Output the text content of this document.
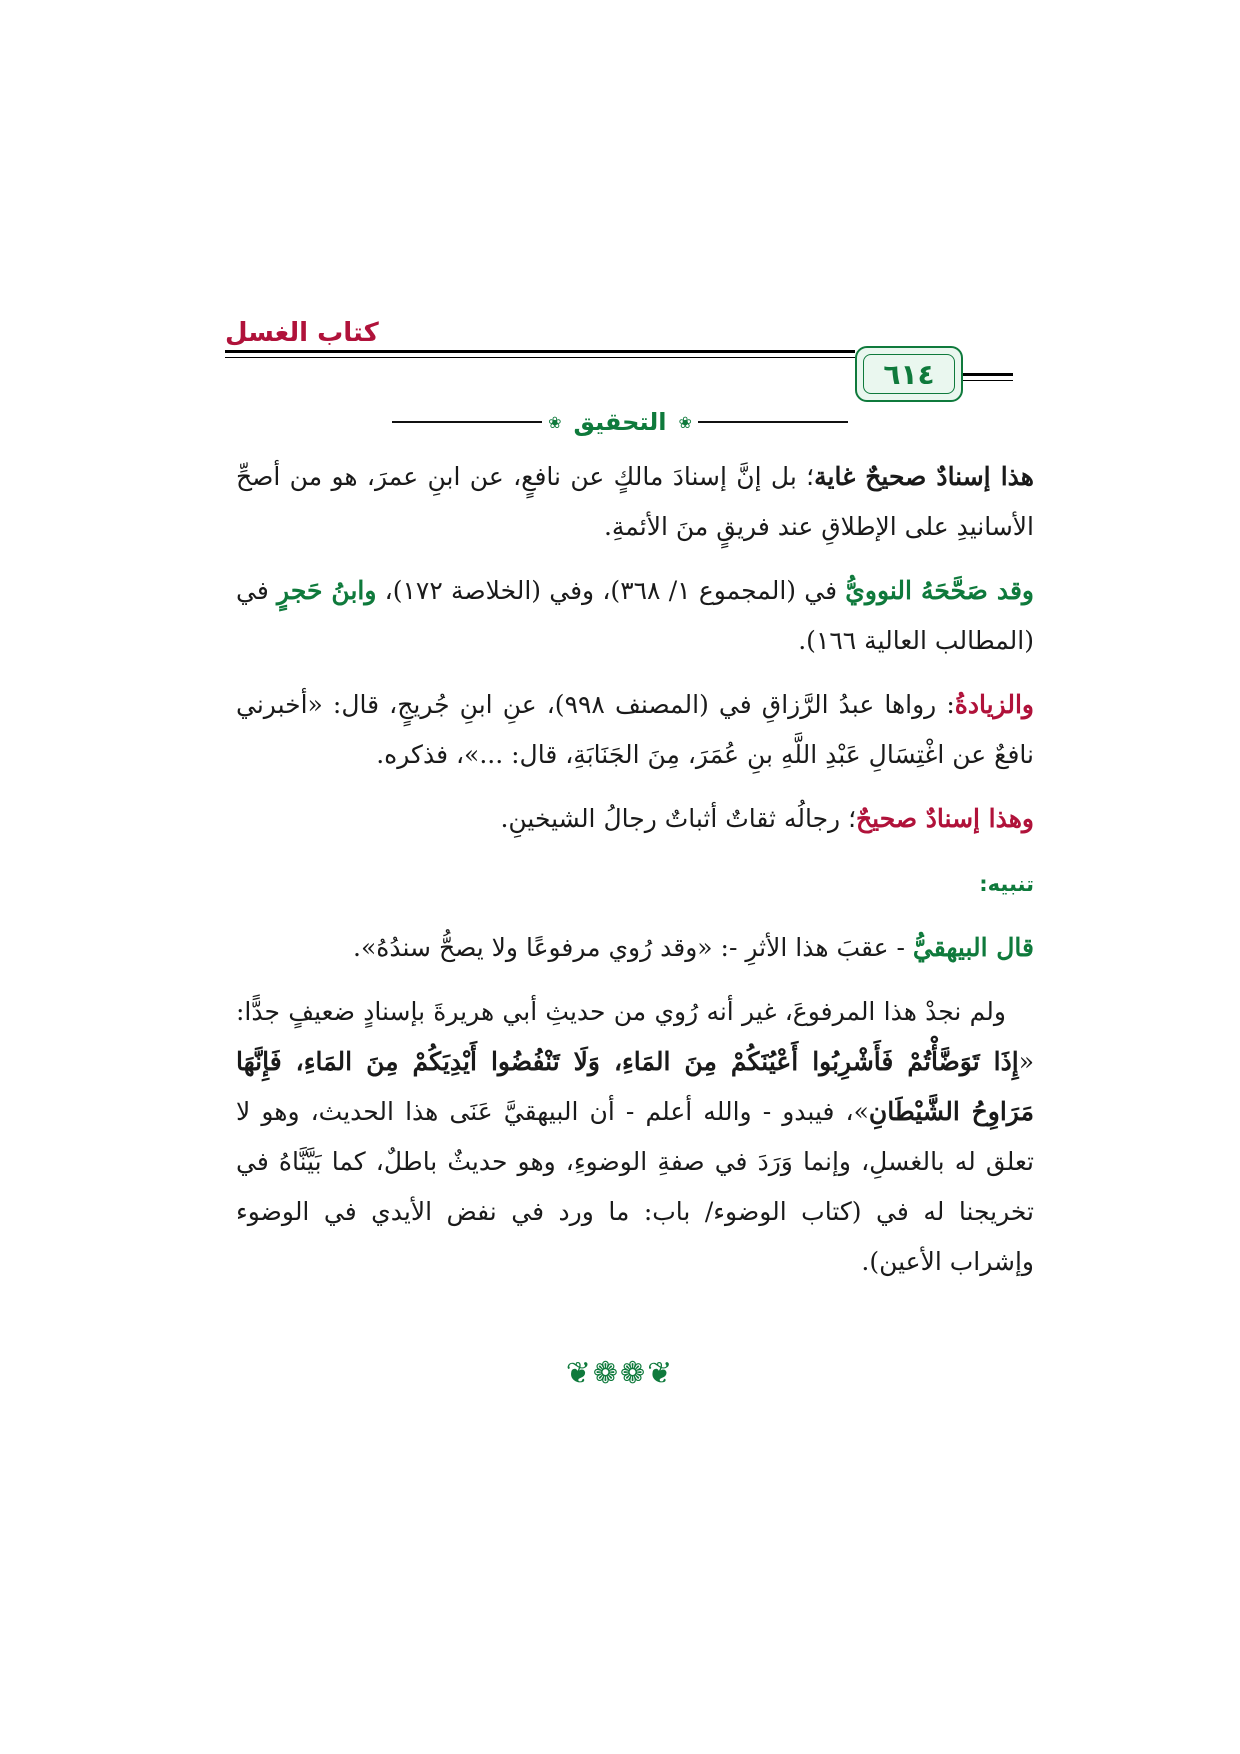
كتاب الغسل
٦١٤
❀ التحقيق ❀

هذا إسنادٌ صحيحٌ غاية؛ بل إنَّ إسنادَ مالكٍ عن نافعٍ، عن ابنِ عمرَ، هو من أصحِّ الأسانيدِ على الإطلاقِ عند فريقٍ منَ الأئمةِ.

وقد صَحَّحَهُ النوويُّ في (المجموع ١/ ٣٦٨)، وفي (الخلاصة ١٧٢)، وابنُ حَجرٍ في (المطالب العالية ١٦٦).

والزيادةُ: رواها عبدُ الرَّزاقِ في (المصنف ٩٩٨)، عنِ ابنِ جُريجٍ، قال: «أخبرني نافعٌ عن اغْتِسَالِ عَبْدِ اللَّهِ بنِ عُمَرَ، مِنَ الجَنَابَةِ، قال: ...»، فذكره.

وهذا إسنادٌ صحيحٌ؛ رجالُه ثقاتٌ أثباتٌ رجالُ الشيخينِ.

تنبيه:

قال البيهقيُّ - عقبَ هذا الأثرِ -: «وقد رُوي مرفوعًا ولا يصحُّ سندُهُ».

ولم نجدْ هذا المرفوعَ، غير أنه رُوي من حديثِ أبي هريرةَ بإسنادٍ ضعيفٍ جدًّا: «إِذَا تَوَضَّأْتُمْ فَأَشْرِبُوا أَعْيُنَكُمْ مِنَ المَاءِ، وَلَا تَنْفُضُوا أَيْدِيَكُمْ مِنَ المَاءِ، فَإِنَّهَا مَرَاوِحُ الشَّيْطَانِ»، فيبدو - والله أعلم - أن البيهقيَّ عَنَى هذا الحديث، وهو لا تعلق له بالغسلِ، وإنما وَرَدَ في صفةِ الوضوءِ، وهو حديثٌ باطلٌ، كما بَيَّنَّاهُ في تخريجنا له في (كتاب الوضوء/ باب: ما ورد في نفض الأيدي في الوضوء وإشراب الأعين).

❦❁❁❦
